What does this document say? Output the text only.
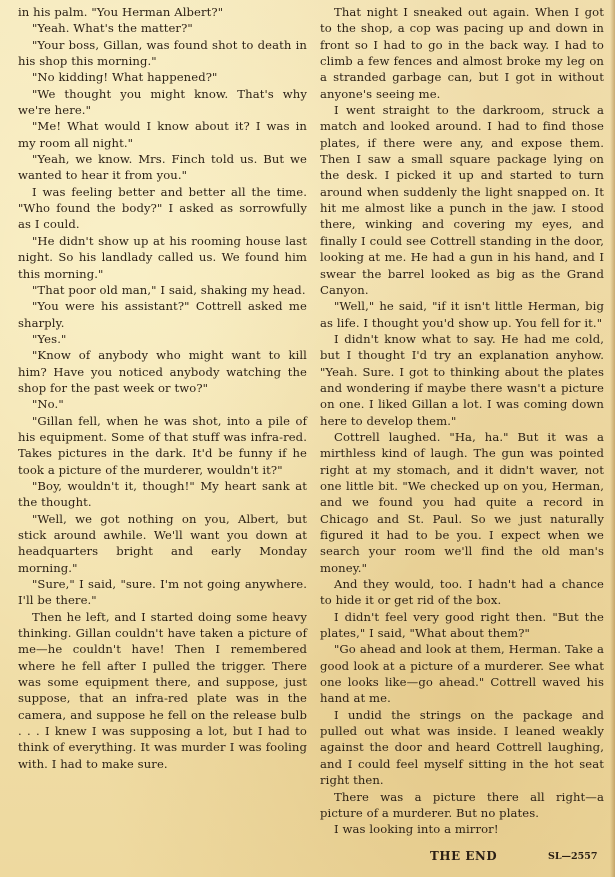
in his palm. "You Herman Albert?"

"Yeah. What's the matter?"

"Your boss, Gillan, was found shot to death in his shop this morning."

"No kidding! What happened?"

"We thought you might know. That's why we're here."

"Me! What would I know about it? I was in my room all night."

"Yeah, we know. Mrs. Finch told us. But we wanted to hear it from you."

I was feeling better and better all the time. "Who found the body?" I asked as sorrowfully as I could.

"He didn't show up at his rooming house last night. So his landlady called us. We found him this morning."

"That poor old man," I said, shaking my head.

"You were his assistant?" Cottrell asked me sharply.

"Yes."

"Know of anybody who might want to kill him? Have you noticed anybody watching the shop for the past week or two?"

"No."

"Gillan fell, when he was shot, into a pile of his equipment. Some of that stuff was infra-red. Takes pictures in the dark. It'd be funny if he took a picture of the murderer, wouldn't it?"

"Boy, wouldn't it, though!" My heart sank at the thought.

"Well, we got nothing on you, Albert, but stick around awhile. We'll want you down at headquarters bright and early Monday morning."

"Sure," I said, "sure. I'm not going anywhere. I'll be there."

Then he left, and I started doing some heavy thinking. Gillan couldn't have taken a picture of me—he couldn't have! Then I remembered where he fell after I pulled the trigger. There was some equipment there, and suppose, just suppose, that an infra-red plate was in the camera, and suppose he fell on the release bulb . . . I knew I was supposing a lot, but I had to think of everything. It was murder I was fooling with. I had to make sure.

That night I sneaked out again. When I got to the shop, a cop was pacing up and down in front so I had to go in the back way. I had to climb a few fences and almost broke my leg on a stranded garbage can, but I got in without anyone's seeing me.

I went straight to the darkroom, struck a match and looked around. I had to find those plates, if there were any, and expose them. Then I saw a small square package lying on the desk. I picked it up and started to turn around when suddenly the light snapped on. It hit me almost like a punch in the jaw. I stood there, winking and covering my eyes, and finally I could see Cottrell standing in the door, looking at me. He had a gun in his hand, and I swear the barrel looked as big as the Grand Canyon.

"Well," he said, "if it isn't little Herman, big as life. I thought you'd show up. You fell for it."

I didn't know what to say. He had me cold, but I thought I'd try an explanation anyhow. "Yeah. Sure. I got to thinking about the plates and wondering if maybe there wasn't a picture on one. I liked Gillan a lot. I was coming down here to develop them."

Cottrell laughed. "Ha, ha." But it was a mirthless kind of laugh. The gun was pointed right at my stomach, and it didn't waver, not one little bit. "We checked up on you, Herman, and we found you had quite a record in Chicago and St. Paul. So we just naturally figured it had to be you. I expect when we search your room we'll find the old man's money."

And they would, too. I hadn't had a chance to hide it or get rid of the box.

I didn't feel very good right then. "But the plates," I said, "What about them?"

"Go ahead and look at them, Herman. Take a good look at a picture of a murderer. See what one looks like—go ahead." Cottrell waved his hand at me.

I undid the strings on the package and pulled out what was inside. I leaned weakly against the door and heard Cottrell laughing, and I could feel myself sitting in the hot seat right then.

There was a picture there all right—a picture of a murderer. But no plates.

I was looking into a mirror!

THE END	SL—2557
